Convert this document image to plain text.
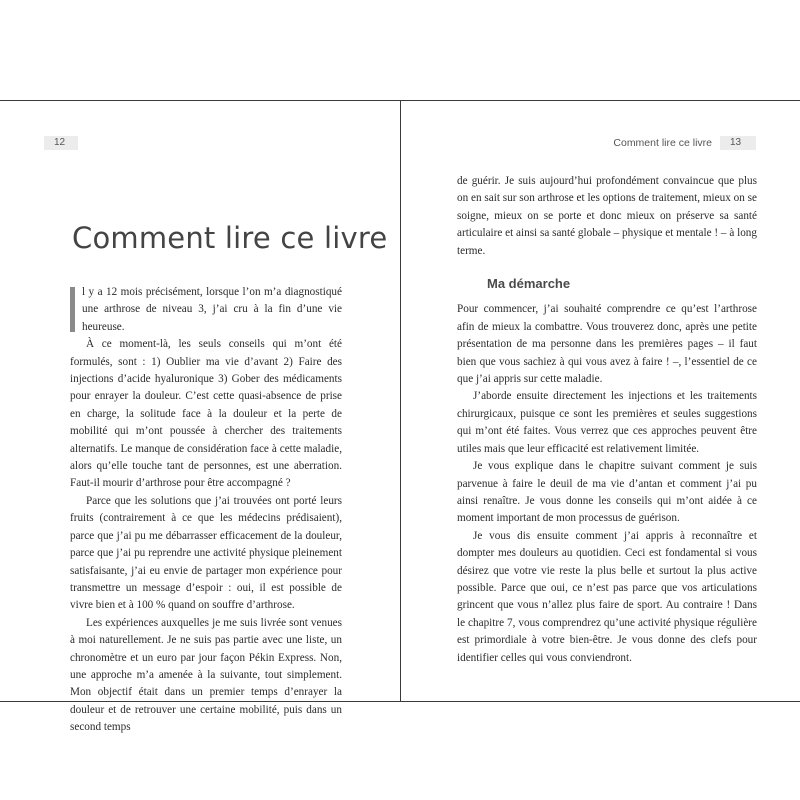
12
Comment lire ce livre

l y a 12 mois précisément, lorsque l’on m’a diagnostiqué une arthrose de niveau 3, j’ai cru à la fin d’une vie heureuse.

À ce moment-là, les seuls conseils qui m’ont été formulés, sont : 1) Oublier ma vie d’avant 2) Faire des injections d’acide hyaluronique 3) Gober des médicaments pour enrayer la douleur. C’est cette quasi-absence de prise en charge, la solitude face à la douleur et la perte de mobilité qui m’ont poussée à chercher des traitements alternatifs. Le manque de considération face à cette maladie, alors qu’elle touche tant de personnes, est une aberration. Faut-il mourir d’arthrose pour être accompagné ?

Parce que les solutions que j’ai trouvées ont porté leurs fruits (contrairement à ce que les médecins prédisaient), parce que j’ai pu me débarrasser efficacement de la douleur, parce que j’ai pu reprendre une activité physique pleinement satisfaisante, j’ai eu envie de partager mon expérience pour transmettre un message d’espoir : oui, il est possible de vivre bien et à 100 % quand on souffre d’arthrose.

Les expériences auxquelles je me suis livrée sont venues à moi naturellement. Je ne suis pas partie avec une liste, un chronomètre et un euro par jour façon Pékin Express. Non, une approche m’a amenée à la suivante, tout simplement. Mon objectif était dans un premier temps d’enrayer la douleur et de retrouver une certaine mobilité, puis dans un second temps

Comment lire ce livre	13

de guérir. Je suis aujourd’hui profondément convaincue que plus on en sait sur son arthrose et les options de traitement, mieux on se soigne, mieux on se porte et donc mieux on préserve sa santé articulaire et ainsi sa santé globale – physique et mentale ! – à long terme.

Ma démarche

Pour commencer, j’ai souhaité comprendre ce qu’est l’arthrose afin de mieux la combattre. Vous trouverez donc, après une petite présentation de ma personne dans les premières pages – il faut bien que vous sachiez à qui vous avez à faire ! –, l’essentiel de ce que j’ai appris sur cette maladie.

J’aborde ensuite directement les injections et les traitements chirurgicaux, puisque ce sont les premières et seules suggestions qui m’ont été faites. Vous verrez que ces approches peuvent être utiles mais que leur efficacité est relativement limitée.

Je vous explique dans le chapitre suivant comment je suis parvenue à faire le deuil de ma vie d’antan et comment j’ai pu ainsi renaître. Je vous donne les conseils qui m’ont aidée à ce moment important de mon processus de guérison.

Je vous dis ensuite comment j’ai appris à reconnaître et dompter mes douleurs au quotidien. Ceci est fondamental si vous désirez que votre vie reste la plus belle et surtout la plus active possible. Parce que oui, ce n’est pas parce que vos articulations grincent que vous n’allez plus faire de sport. Au contraire ! Dans le chapitre 7, vous comprendrez qu’une activité physique régulière est primordiale à votre bien-être. Je vous donne des clefs pour identifier celles qui vous conviendront.
